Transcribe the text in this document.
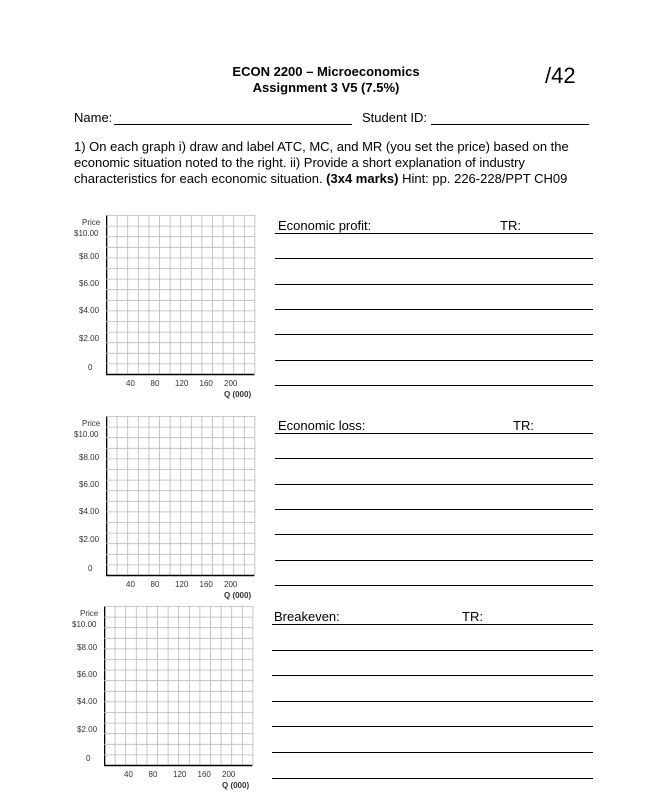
ECON 2200 – Microeconomics
Assignment 3 V5 (7.5%)	/42
Name:	Student ID:
1) On each graph i) draw and label ATC, MC, and MR (you set the price) based on the
economic situation noted to the right. ii) Provide a short explanation of industry
characteristics for each economic situation. (3x4 marks) Hint: pp. 226-228/PPT CH09
Price
$10.00
$8.00
$6.00
$4.00
$2.00
0
40 80 120 160 200
Q (000)
Economic profit:	TR:
Price
$10.00
$8.00
$6.00
$4.00
$2.00
0
40 80 120 160 200
Q (000)
Economic loss:	TR:
Price
$10.00
$8.00
$6.00
$4.00
$2.00
0
40 80 120 160 200
Q (000)
Breakeven:	TR:
